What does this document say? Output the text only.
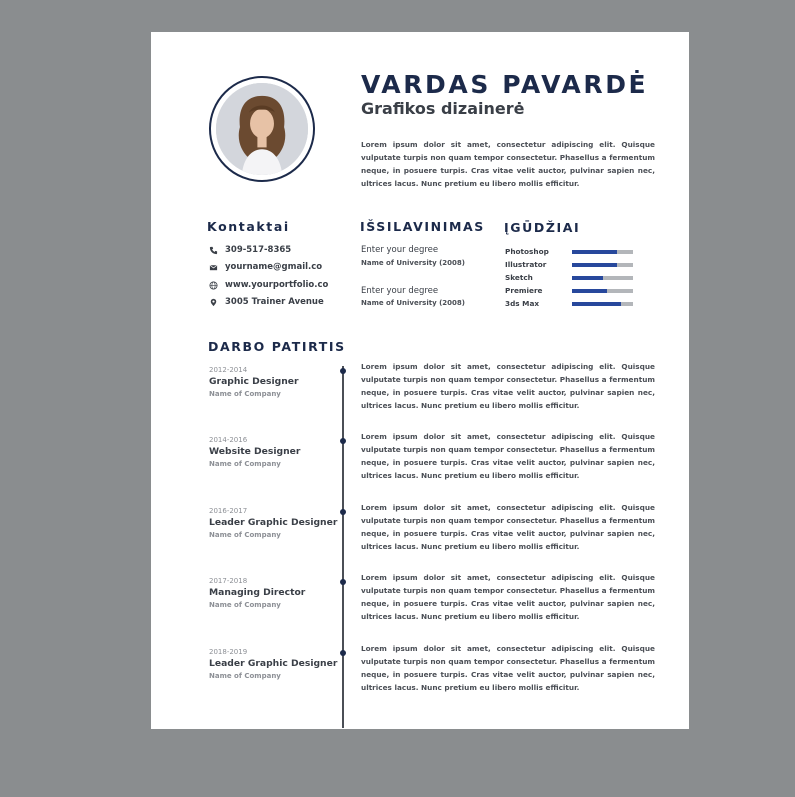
VARDAS PAVARDĖ
Grafikos dizainerė

Lorem ipsum dolor sit amet, consectetur adipiscing elit. Quisque vulputate turpis non quam tempor consectetur. Phasellus a fermentum neque, in posuere turpis. Cras vitae velit auctor, pulvinar sapien nec, ultrices lacus. Nunc pretium eu libero mollis efficitur.

Kontaktai
309-517-8365
yourname@gmail.co
www.yourportfolio.co
3005 Trainer Avenue
IŠSILAVINIMAS
Enter your degree
Name of University (2008)
Enter your degree
Name of University (2008)
ĮGŪDŽIAI
Photoshop
Illustrator
Sketch
Premiere
3ds Max
DARBO PATIRTIS
2012-2014
Graphic Designer
Name of Company

Lorem ipsum dolor sit amet, consectetur adipiscing elit. Quisque vulputate turpis non quam tempor consectetur. Phasellus a fermentum neque, in posuere turpis. Cras vitae velit auctor, pulvinar sapien nec, ultrices lacus. Nunc pretium eu libero mollis efficitur.

2014-2016
Website Designer
Name of Company

Lorem ipsum dolor sit amet, consectetur adipiscing elit. Quisque vulputate turpis non quam tempor consectetur. Phasellus a fermentum neque, in posuere turpis. Cras vitae velit auctor, pulvinar sapien nec, ultrices lacus. Nunc pretium eu libero mollis efficitur.

2016-2017
Leader Graphic Designer
Name of Company

Lorem ipsum dolor sit amet, consectetur adipiscing elit. Quisque vulputate turpis non quam tempor consectetur. Phasellus a fermentum neque, in posuere turpis. Cras vitae velit auctor, pulvinar sapien nec, ultrices lacus. Nunc pretium eu libero mollis efficitur.

2017-2018
Managing Director
Name of Company

Lorem ipsum dolor sit amet, consectetur adipiscing elit. Quisque vulputate turpis non quam tempor consectetur. Phasellus a fermentum neque, in posuere turpis. Cras vitae velit auctor, pulvinar sapien nec, ultrices lacus. Nunc pretium eu libero mollis efficitur.

2018-2019
Leader Graphic Designer
Name of Company

Lorem ipsum dolor sit amet, consectetur adipiscing elit. Quisque vulputate turpis non quam tempor consectetur. Phasellus a fermentum neque, in posuere turpis. Cras vitae velit auctor, pulvinar sapien nec, ultrices lacus. Nunc pretium eu libero mollis efficitur.
